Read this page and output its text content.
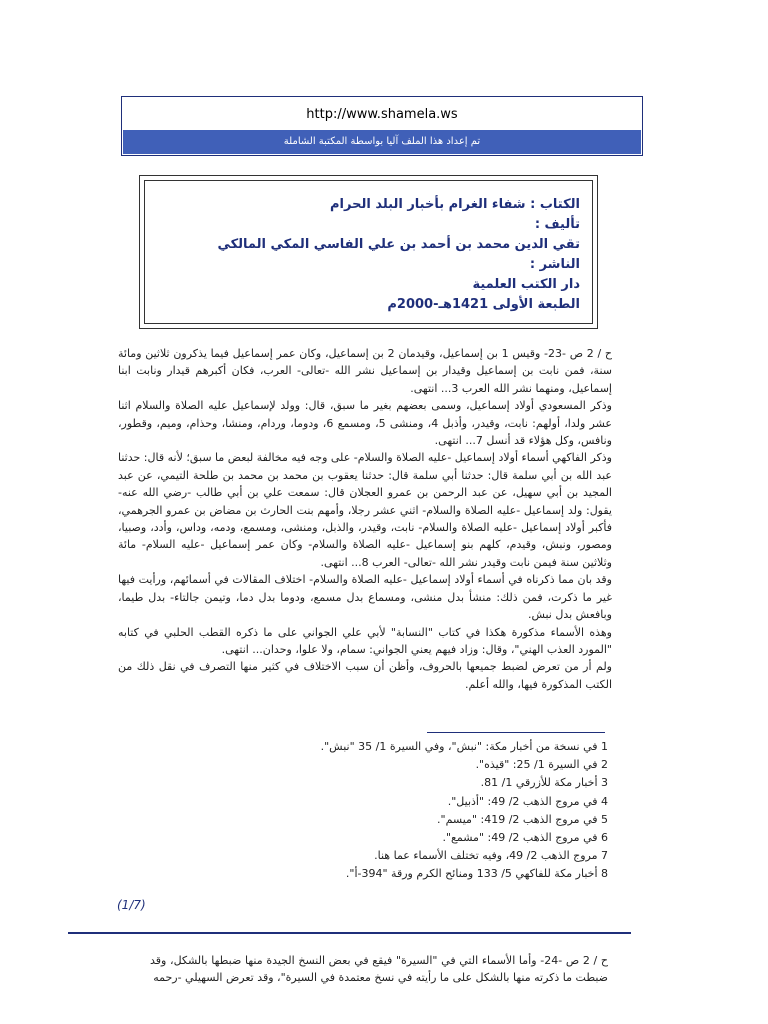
http://www.shamela.ws
تم إعداد هذا الملف آليا بواسطة المكتبة الشاملة
الكتاب : شفاء الغرام بأخبار البلد الحرام
تأليف :
تقي الدين محمد بن أحمد بن علي الفاسي المكي المالكي
الناشر :
دار الكتب العلمية
الطبعة الأولى 1421هـ-2000م

ح / 2 ص -23- وقيس 1 بن إسماعيل، وقيدمان 2 بن إسماعيل، وكان عمر إسماعيل فيما يذكرون ثلاثين ومائة سنة، فمن نابت بن إسماعيل وقيدار بن إسماعيل نشر الله -تعالى- العرب، فكان أكبرهم قيدار ونابت ابنا إسماعيل، ومنهما نشر الله العرب 3... انتهى.

وذكر المسعودي أولاد إسماعيل، وسمى بعضهم بغير ما سبق، قال: وولد لإسماعيل عليه الصلاة والسلام اثنا عشر ولدا، أولهم: نابت، وقيدر، وأذبل 4، ومنشى 5، ومسمع 6، ودوما، وردام، ومنشا، وحذام، وميم، وقطور، ونافس، وكل هؤلاء قد أنسل 7... انتهى.

وذكر الفاكهي أسماء أولاد إسماعيل -عليه الصلاة والسلام- على وجه فيه مخالفة لبعض ما سبق؛ لأنه قال: حدثنا عبد الله بن أبي سلمة قال: حدثنا أبي سلمة قال: حدثنا يعقوب بن محمد بن محمد بن طلحة التيمي، عن عبد المجيد بن أبي سهيل، عن عبد الرحمن بن عمرو العجلان قال: سمعت علي بن أبي طالب -رضي الله عنه- يقول: ولد إسماعيل -عليه الصلاة والسلام- اثني عشر رجلا، وأمهم بنت الحارث بن مضاض بن عمرو الجرهمي، فأكبر أولاد إسماعيل -عليه الصلاة والسلام- نابت، وقيدر، والذبل، ومنشى، ومسمع، ودمه، وداس، وأدد، وصبيا، ومصور، ونبش، وقيدم، كلهم بنو إسماعيل -عليه الصلاة والسلام- وكان عمر إسماعيل -عليه السلام- مائة وثلاثين سنة فيمن نابت وقيدر نشر الله -تعالى- العرب 8... انتهى.

وقد بان مما ذكرناه في أسماء أولاد إسماعيل -عليه الصلاة والسلام- اختلاف المقالات في أسمائهم، ورأيت فيها غير ما ذكرت، فمن ذلك: منشأ بدل منشى، ومسماع بدل مسمع، ودوما بدل دما، وتيمن جالتاء- بدل طيما، وبافعش بدل نبش.

وهذه الأسماء مذكورة هكذا في كتاب "النسابة" لأبي علي الجواني على ما ذكره القطب الحلبي في كتابه "المورد العذب الهني"، وقال: وزاد فيهم يعني الجواني: سمام، ولا علوا، وحدان... انتهى.

ولم أر من تعرض لضبط جميعها بالحروف، وأظن أن سبب الاختلاف في كثير منها التصرف في نقل ذلك من الكتب المذكورة فيها، والله أعلم.

1 في نسخة من أخبار مكة: "نبش"، وفي السيرة 1/ 35 "نبش".
2 في السيرة 1/ 25: "قيذه".
3 أخبار مكة للأزرقي 1/ 81.
4 في مروج الذهب 2/ 49: "أذبيل".
5 في مروج الذهب 2/ 419: "ميسم".
6 في مروج الذهب 2/ 49: "مشمع".
7 مروج الذهب 2/ 49، وفيه تختلف الأسماء عما هنا.
8 أخبار مكة للفاكهي 5/ 133 ومنائح الكرم ورقة "394-أ".
(1/7)
ح / 2 ص -24- وأما الأسماء التي في "السيرة" فيقع في بعض النسخ الجيدة منها ضبطها بالشكل، وقد ضبطت ما ذكرته منها بالشكل على ما رأيته في نسخ معتمدة في السيرة"، وقد تعرض السهيلي -رحمه
